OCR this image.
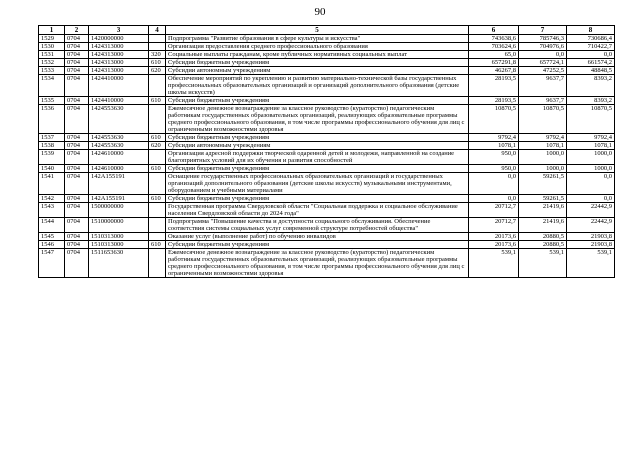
90
1	2	3	4	5	6	7	8
1529	0704	1420000000		Подпрограмма "Развитие образования в сфере культуры и искусства"	743638,6	785746,3	730686,4
1530	0704	1424313000		Организация предоставления среднего профессионального образования	703624,6	704976,6	710422,7
1531	0704	1424313000	320	Социальные выплаты гражданам, кроме публичных нормативных социальных выплат	65,0	0,0	0,0
1532	0704	1424313000	610	Субсидии бюджетным учреждениям	657291,8	657724,1	661574,2
1533	0704	1424313000	620	Субсидии автономным учреждениям	46267,8	47252,5	48848,5
1534	0704	1424410000		Обеспечение мероприятий по укреплению и развитию материально-технической базы государственных профессиональных образовательных организаций и организаций дополнительного образования (детские школы искусств)	28193,5	9637,7	8393,2
1535	0704	1424410000	610	Субсидии бюджетным учреждениям	28193,5	9637,7	8393,2
1536	0704	1424553630		Ежемесячное денежное вознаграждение за классное руководство (кураторство) педагогическим работникам государственных образовательных организаций, реализующих образовательные программы среднего профессионального образования, в том числе программы профессионального обучения для лиц с ограниченными возможностями здоровья	10870,5	10870,5	10870,5
1537	0704	1424553630	610	Субсидии бюджетным учреждениям	9792,4	9792,4	9792,4
1538	0704	1424553630	620	Субсидии автономным учреждениям	1078,1	1078,1	1078,1
1539	0704	1424610000		Организация адресной поддержки творческой одаренной детей и молодежи, направленной на создание благоприятных условий для их обучения и развития способностей	950,0	1000,0	1000,0
1540	0704	1424610000	610	Субсидии бюджетным учреждениям	950,0	1000,0	1000,0
1541	0704	142А155191		Оснащение государственных профессиональных образовательных организаций и государственных организаций дополнительного образования (детские школы искусств) музыкальными инструментами, оборудованием и учебными материалами	0,0	59261,5	0,0
1542	0704	142А155191	610	Субсидии бюджетным учреждениям	0,0	59261,5	0,0
1543	0704	1500000000		Государственная программа Свердловской области "Социальная поддержка и социальное обслуживание населения Свердловской области до 2024 года"	20712,7	21419,6	22442,9
1544	0704	1510000000		Подпрограмма "Повышение качества и доступности социального обслуживания. Обеспечение соответствия системы социальных услуг современной структуре потребностей общества"	20712,7	21419,6	22442,9
1545	0704	1510313000		Оказание услуг (выполнение работ) по обучению инвалидов	20173,6	20880,5	21903,8
1546	0704	1510313000	610	Субсидии бюджетным учреждениям	20173,6	20880,5	21903,8
1547	0704	1511653630		Ежемесячное денежное вознаграждение за классное руководство (кураторство) педагогическим работникам государственных образовательных организаций, реализующих образовательные программы среднего профессионального образования, в том числе программы профессионального обучения для лиц с ограниченными возможностями здоровья	539,1	539,1	539,1
